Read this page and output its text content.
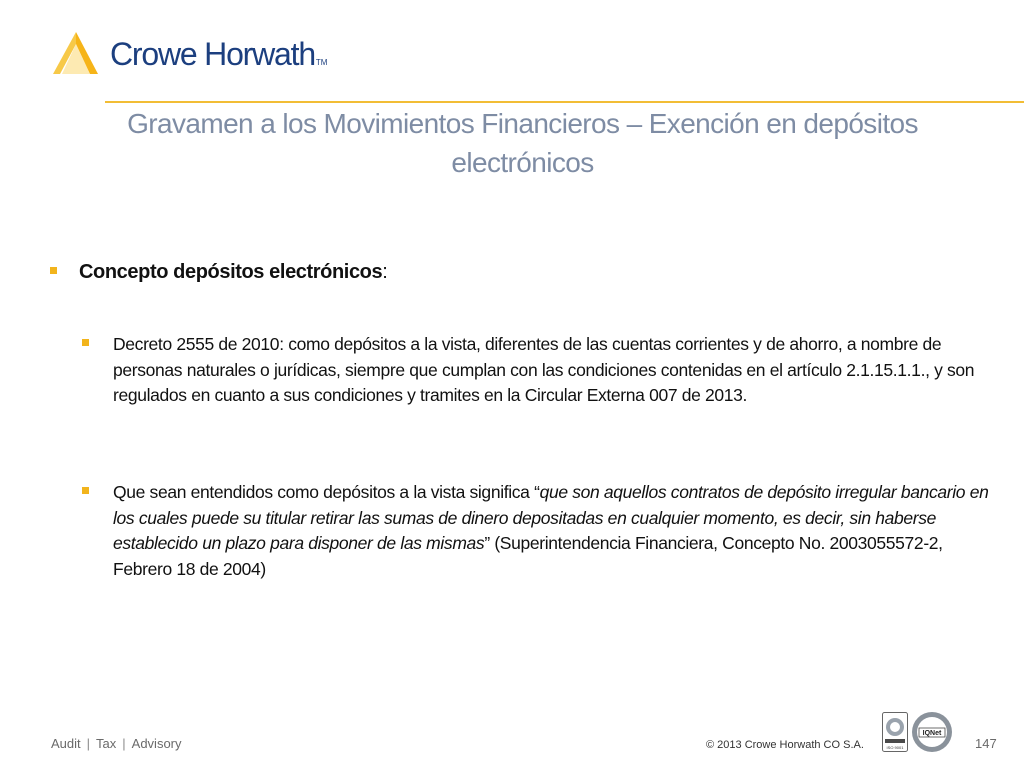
Crowe HorwathTM
Gravamen a los Movimientos Financieros – Exención en depósitos electrónicos
Concepto depósitos electrónicos:
Decreto 2555 de 2010: como depósitos a la vista, diferentes de las cuentas corrientes y de ahorro, a nombre de personas naturales o jurídicas, siempre que cumplan con las condiciones contenidas en el artículo 2.1.15.1.1., y son regulados en cuanto a sus condiciones y tramites en la Circular Externa 007 de 2013.
Que sean entendidos como depósitos a la vista significa “que son aquellos contratos de depósito irregular bancario en los cuales puede su titular retirar las sumas de dinero depositadas en cualquier momento, es decir, sin haberse establecido un plazo para disponer de las mismas” (Superintendencia Financiera, Concepto No. 2003055572-2, Febrero 18 de 2004)
Audit | Tax | Advisory	© 2013 Crowe Horwath CO S.A.	ISO 9001
IQNet
147
